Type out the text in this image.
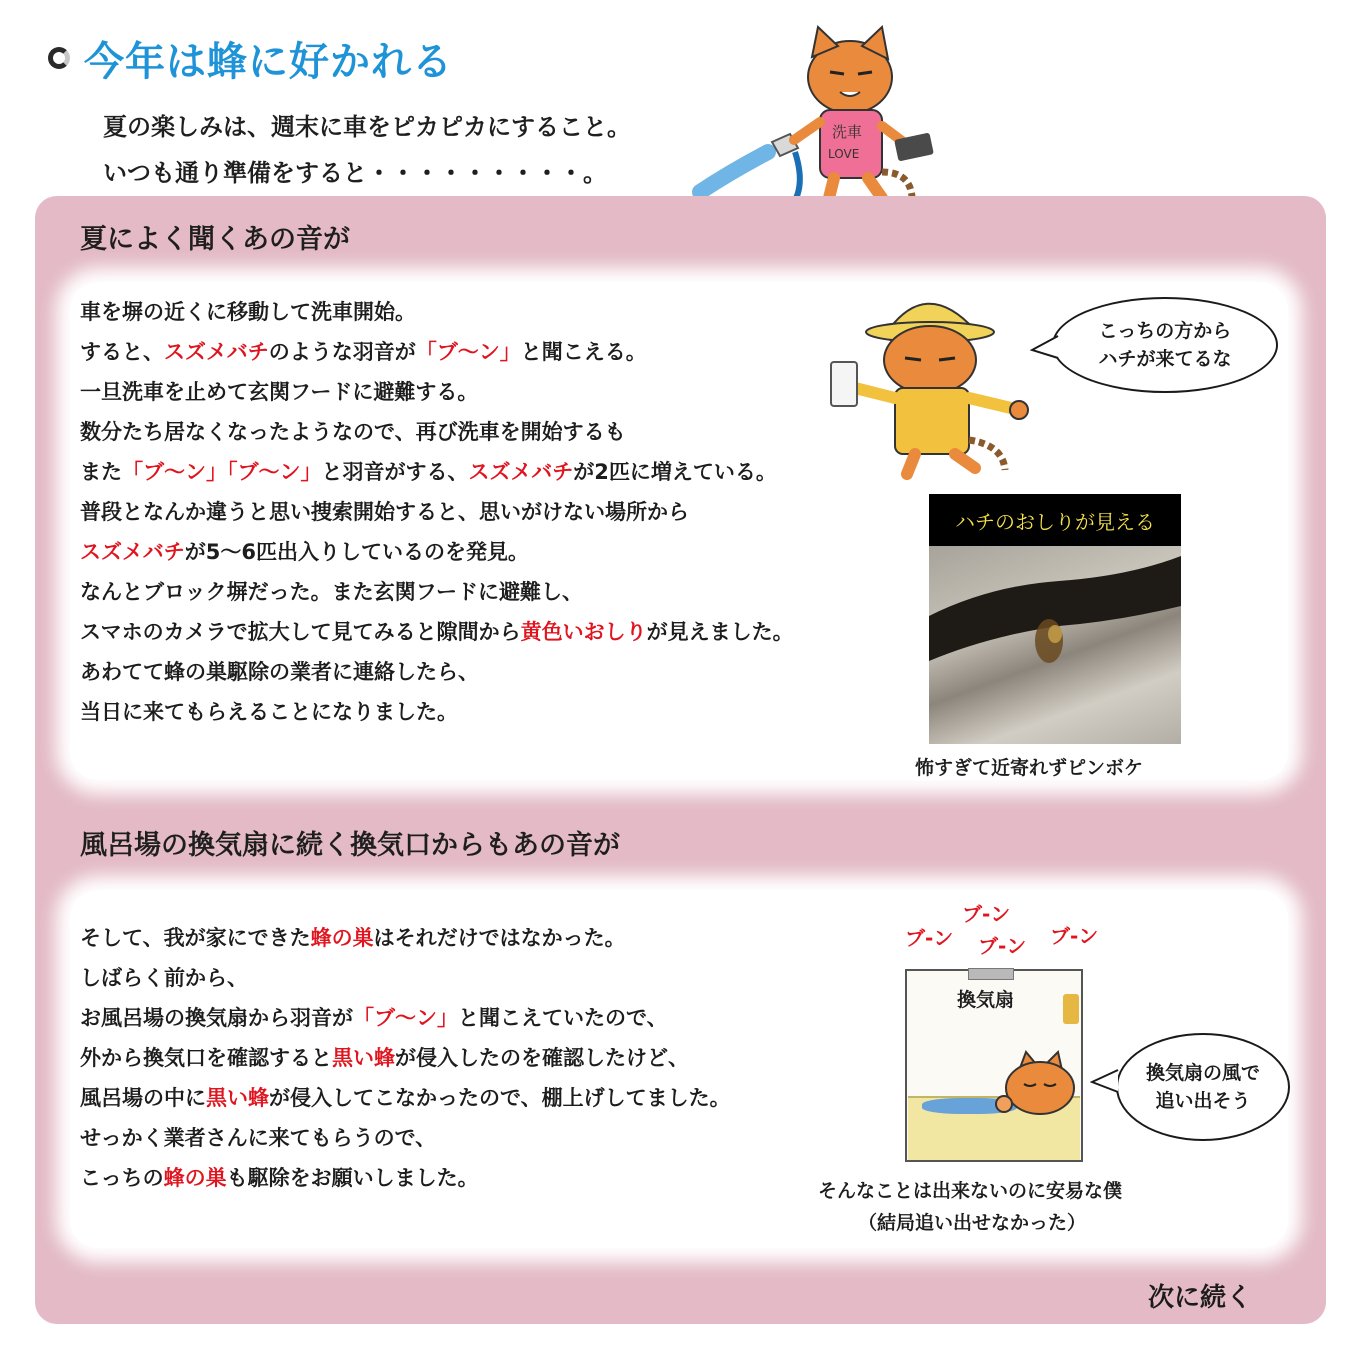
今年は蜂に好かれる
夏の楽しみは、週末に車をピカピカにすること。
いつも通り準備をすると・・・・・・・・・。
洗車
LOVE
夏によく聞くあの音が
車を塀の近くに移動して洗車開始。
すると、スズメバチのような羽音が「ブ〜ン」と聞こえる。
一旦洗車を止めて玄関フードに避難する。
数分たち居なくなったようなので、再び洗車を開始するも
また「ブ〜ン」「ブ〜ン」と羽音がする、スズメバチが2匹に増えている。
普段となんか違うと思い捜索開始すると、思いがけない場所から
スズメバチが5〜6匹出入りしているのを発見。
なんとブロック塀だった。また玄関フードに避難し、
スマホのカメラで拡大して見てみると隙間から黄色いおしりが見えました。
あわてて蜂の巣駆除の業者に連絡したら、
当日に来てもらえることになりました。
こっちの方から
ハチが来てるな
ハチのおしりが見える
怖すぎて近寄れずピンボケ
風呂場の換気扇に続く換気口からもあの音が
そして、我が家にできた蜂の巣はそれだけではなかった。
しばらく前から、
お風呂場の換気扇から羽音が「ブ〜ン」と聞こえていたので、
外から換気口を確認すると黒い蜂が侵入したのを確認したけど、
風呂場の中に黒い蜂が侵入してこなかったので、棚上げしてました。
せっかく業者さんに来てもらうので、
こっちの蜂の巣も駆除をお願いしました。
ブ-ン
ブ-ン ブ-ン ブ-ン
換気扇
換気扇の風で
追い出そう
そんなことは出来ないのに安易な僕
（結局追い出せなかった）
次に続く
